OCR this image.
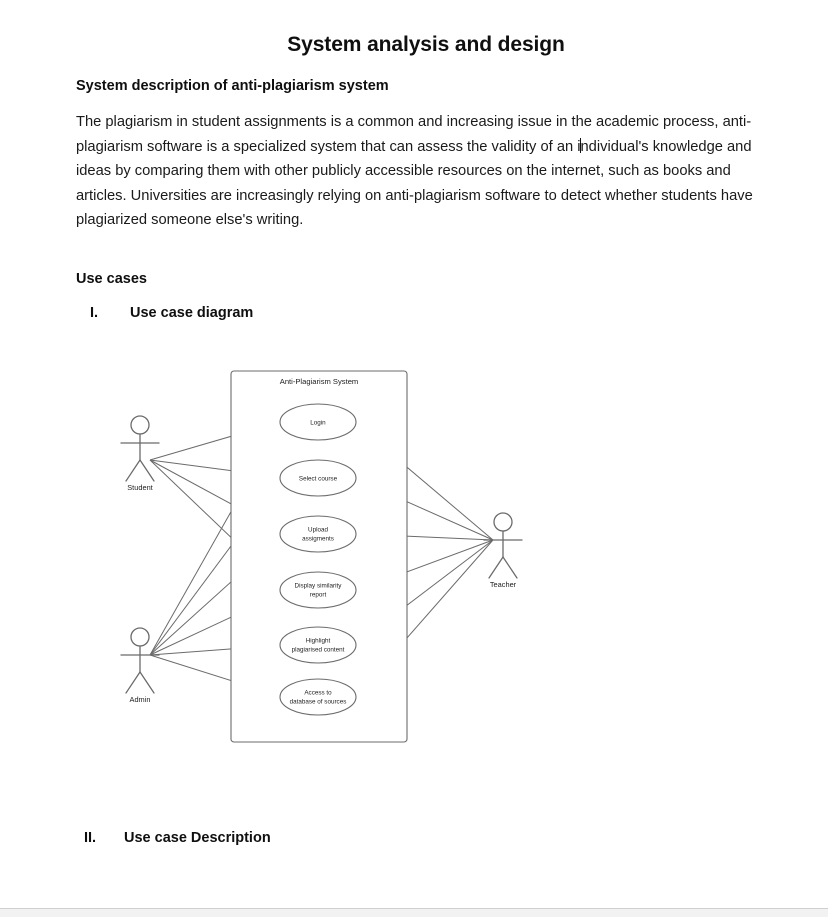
System analysis and design
System description of anti-plagiarism system
The plagiarism in student assignments is a common and increasing issue in the academic process, anti-plagiarism software is a specialized system that can assess the validity of an individual's knowledge and ideas by comparing them with other publicly accessible resources on the internet, such as books and articles. Universities are increasingly relying on anti-plagiarism software to detect whether students have plagiarized someone else's writing.
Use cases
I.	Use case diagram
Anti-Plagiarism System
Login
Select course
Upload
assigments
Display similarity
report
Highlight
plagiarised content
Access to
database of sources
Student
Admin
Teacher
II.	Use case Description
